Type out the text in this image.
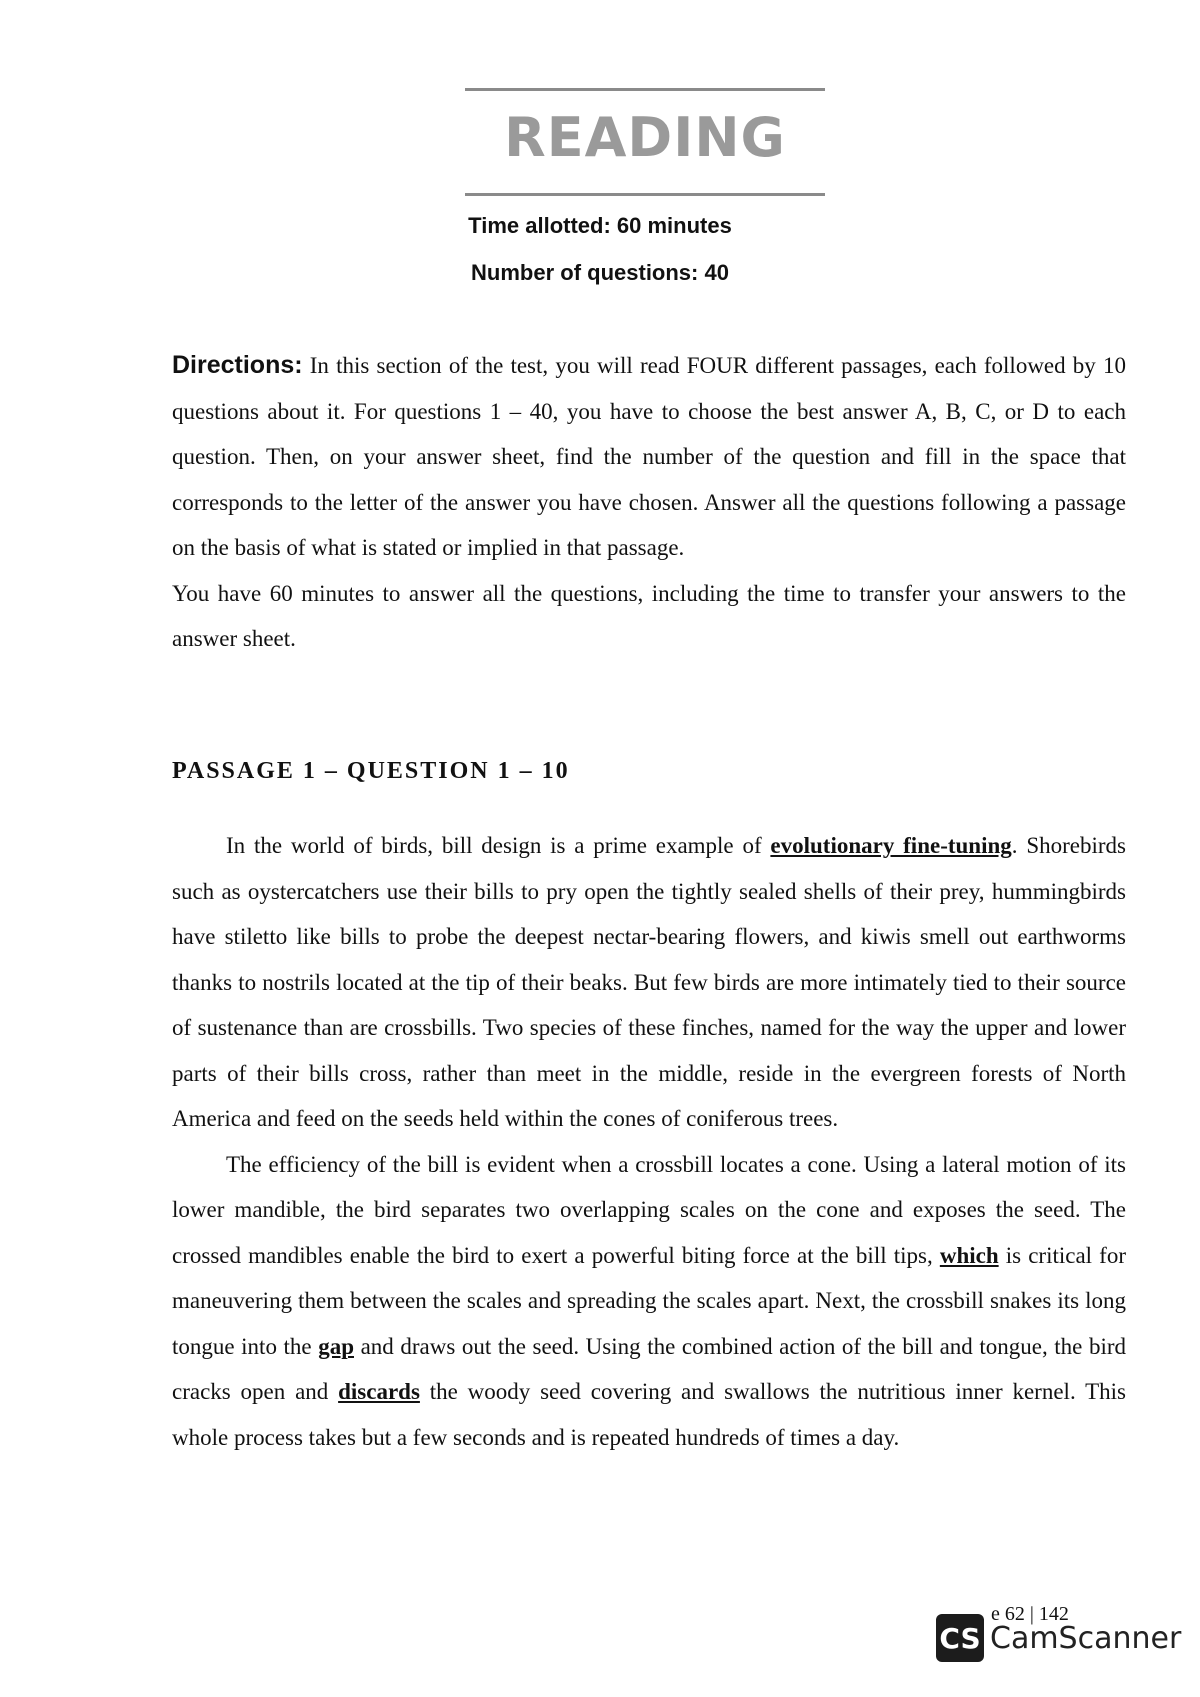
READING
Time allotted: 60 minutes
Number of questions: 40

Directions: In this section of the test, you will read FOUR different passages, each followed by 10 questions about it. For questions 1 – 40, you have to choose the best answer A, B, C, or D to each question. Then, on your answer sheet, find the number of the question and fill in the space that corresponds to the letter of the answer you have chosen. Answer all the questions following a passage on the basis of what is stated or implied in that passage.

You have 60 minutes to answer all the questions, including the time to transfer your answers to the answer sheet.

PASSAGE 1 – QUESTION 1 – 10

In the world of birds, bill design is a prime example of evolutionary fine-tuning. Shorebirds such as oystercatchers use their bills to pry open the tightly sealed shells of their prey, hummingbirds have stiletto like bills to probe the deepest nectar-bearing flowers, and kiwis smell out earthworms thanks to nostrils located at the tip of their beaks. But few birds are more intimately tied to their source of sustenance than are crossbills. Two species of these finches, named for the way the upper and lower parts of their bills cross, rather than meet in the middle, reside in the evergreen forests of North America and feed on the seeds held within the cones of coniferous trees.

The efficiency of the bill is evident when a crossbill locates a cone. Using a lateral motion of its lower mandible, the bird separates two overlapping scales on the cone and exposes the seed. The crossed mandibles enable the bird to exert a powerful biting force at the bill tips, which is critical for maneuvering them between the scales and spreading the scales apart. Next, the crossbill snakes its long tongue into the gap and draws out the seed. Using the combined action of the bill and tongue, the bird cracks open and discards the woody seed covering and swallows the nutritious inner kernel. This whole process takes but a few seconds and is repeated hundreds of times a day.

e 62 | 142
CS CamScanner
